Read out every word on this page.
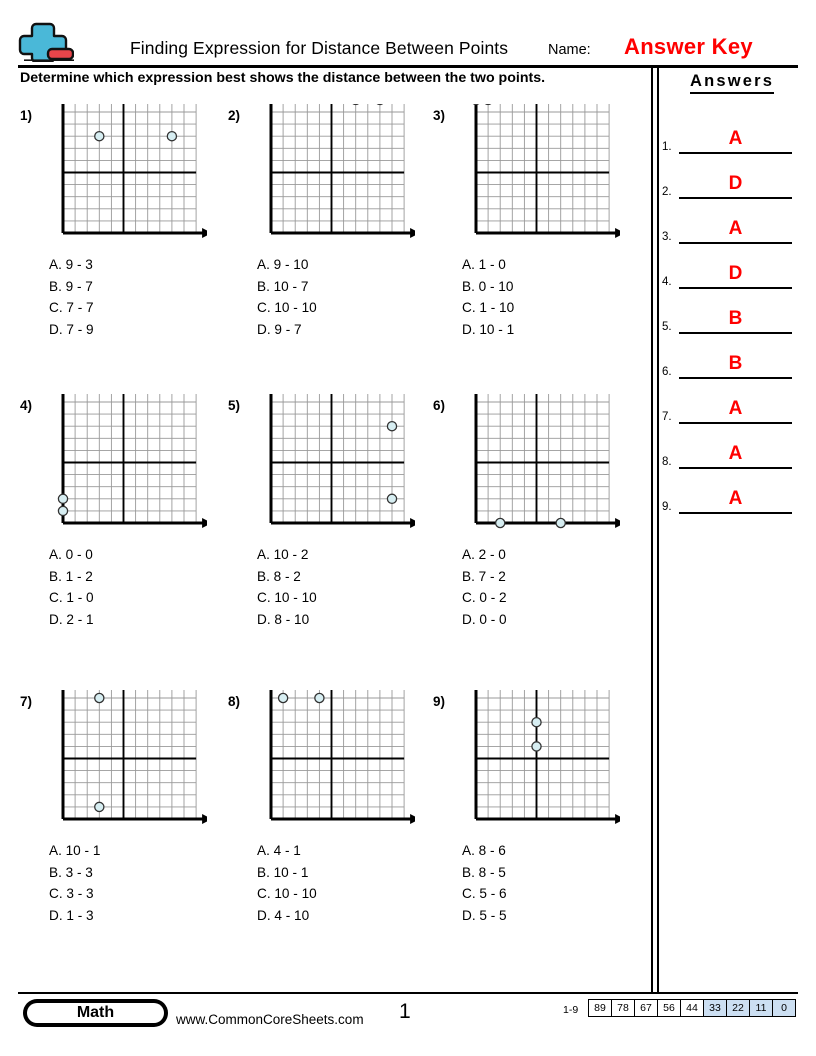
Finding Expression for Distance Between Points	Name: Answer Key
Determine which expression best shows the distance between the two points.	Answers
1.	A
2.	D
3.	A
4.	D
5.	B
6.	B
7.	A
8.	A
9.	A
1)
A. 9 - 3
B. 9 - 7
C. 7 - 7
D. 7 - 9
2)
A. 9 - 10
B. 10 - 7
C. 10 - 10
D. 9 - 7
3)
A. 1 - 0
B. 0 - 10
C. 1 - 10
D. 10 - 1
4)
A. 0 - 0
B. 1 - 2
C. 1 - 0
D. 2 - 1
5)
A. 10 - 2
B. 8 - 2
C. 10 - 10
D. 8 - 10
6)
A. 2 - 0
B. 7 - 2
C. 0 - 2
D. 0 - 0
7)
A. 10 - 1
B. 3 - 3
C. 3 - 3
D. 1 - 3
8)
A. 4 - 1
B. 10 - 1
C. 10 - 10
D. 4 - 10
9)
A. 8 - 6
B. 8 - 5
C. 5 - 6
D. 5 - 5
Math	www.CommonCoreSheets.com 1	1-9	89	78	67	56	44	33	22	11	0
